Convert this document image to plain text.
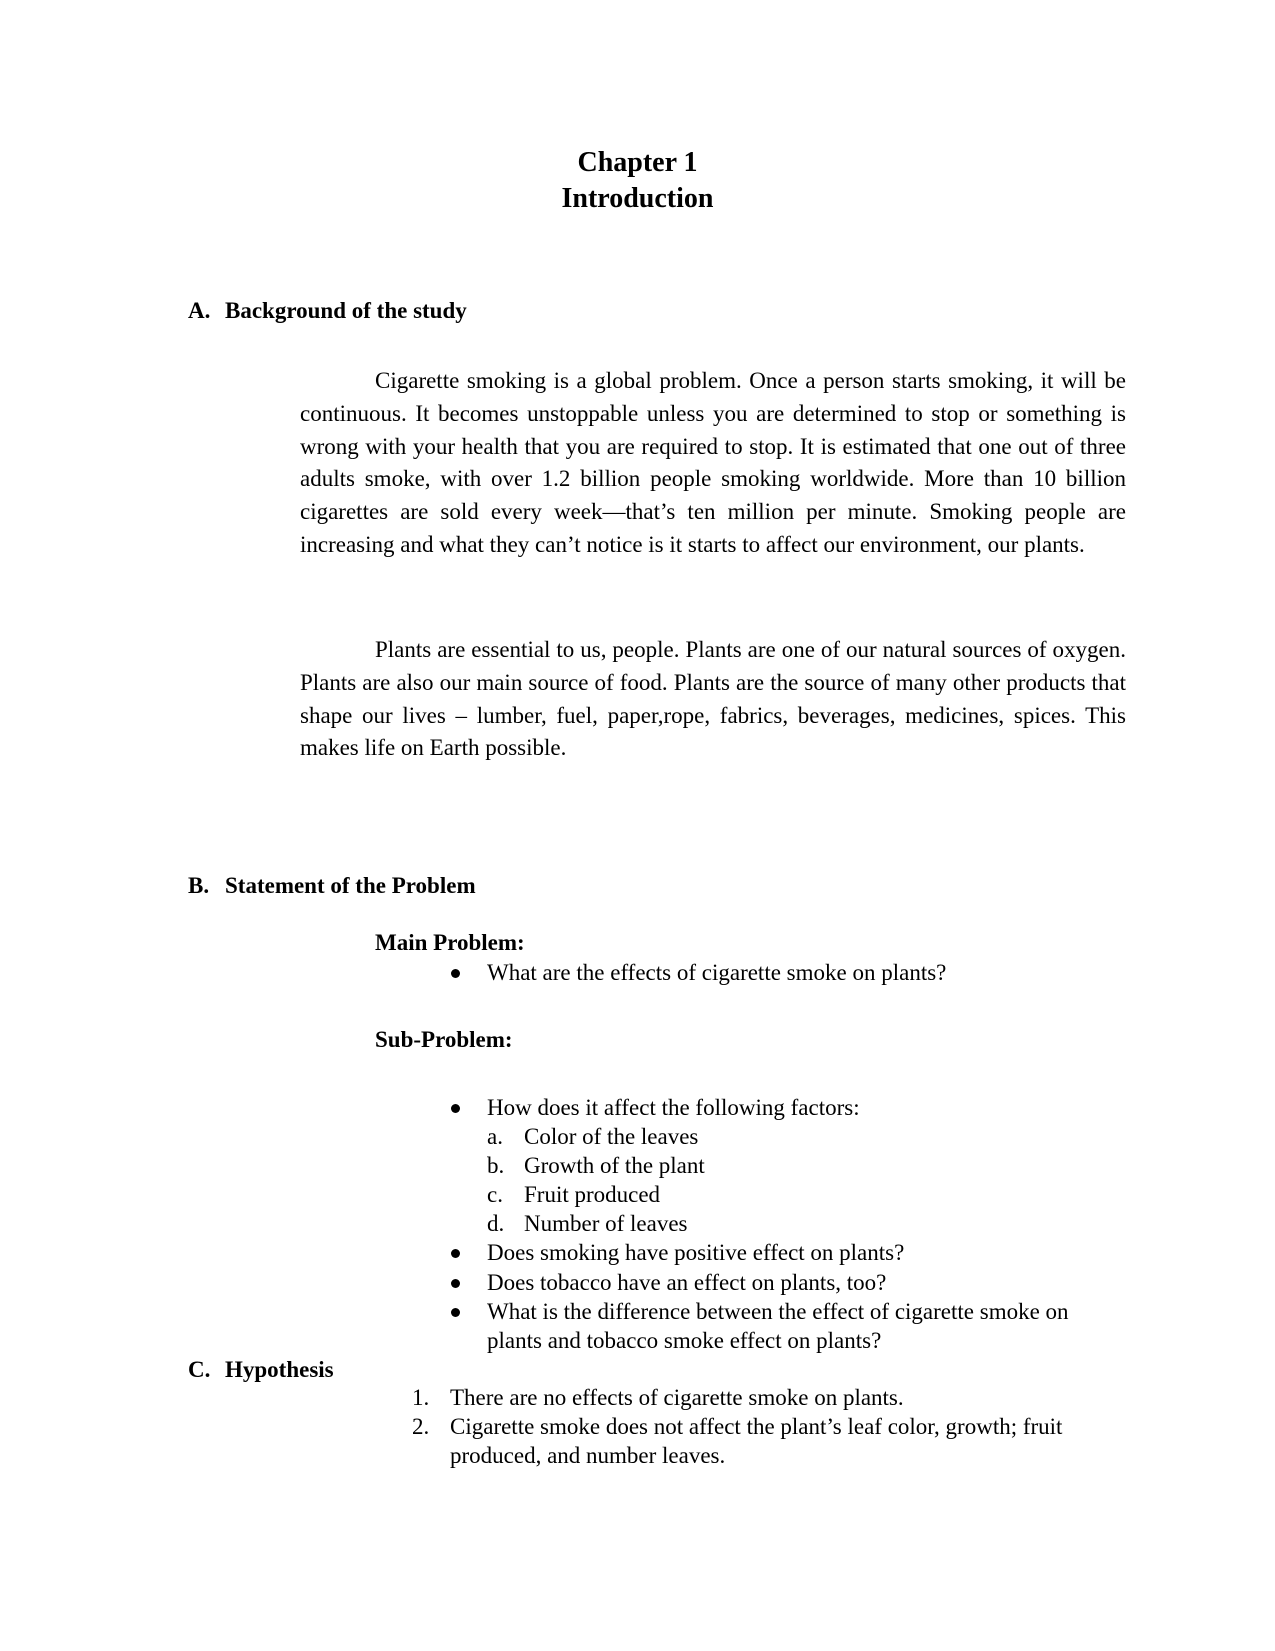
Chapter 1
Introduction
A. Background of the study

Cigarette smoking is a global problem. Once a person starts smoking, it will be continuous. It becomes unstoppable unless you are determined to stop or something is wrong with your health that you are required to stop. It is estimated that one out of three adults smoke, with over 1.2 billion people smoking worldwide. More than 10 billion cigarettes are sold every week—that’s ten million per minute. Smoking people are increasing and what they can’t notice is it starts to affect our environment, our plants.

Plants are essential to us, people. Plants are one of our natural sources of oxygen. Plants are also our main source of food. Plants are the source of many other products that shape our lives – lumber, fuel, paper,rope, fabrics, beverages, medicines, spices. This makes life on Earth possible.

B. Statement of the Problem
Main Problem:
What are the effects of cigarette smoke on plants?
Sub-Problem:
How does it affect the following factors:
a. Color of the leaves
b. Growth of the plant
c. Fruit produced
d. Number of leaves
Does smoking have positive effect on plants?
Does tobacco have an effect on plants, too?
What is the difference between the effect of cigarette smoke on
plants and tobacco smoke effect on plants?
C. Hypothesis
1. There are no effects of cigarette smoke on plants.
2. Cigarette smoke does not affect the plant’s leaf color, growth; fruit
produced, and number leaves.
